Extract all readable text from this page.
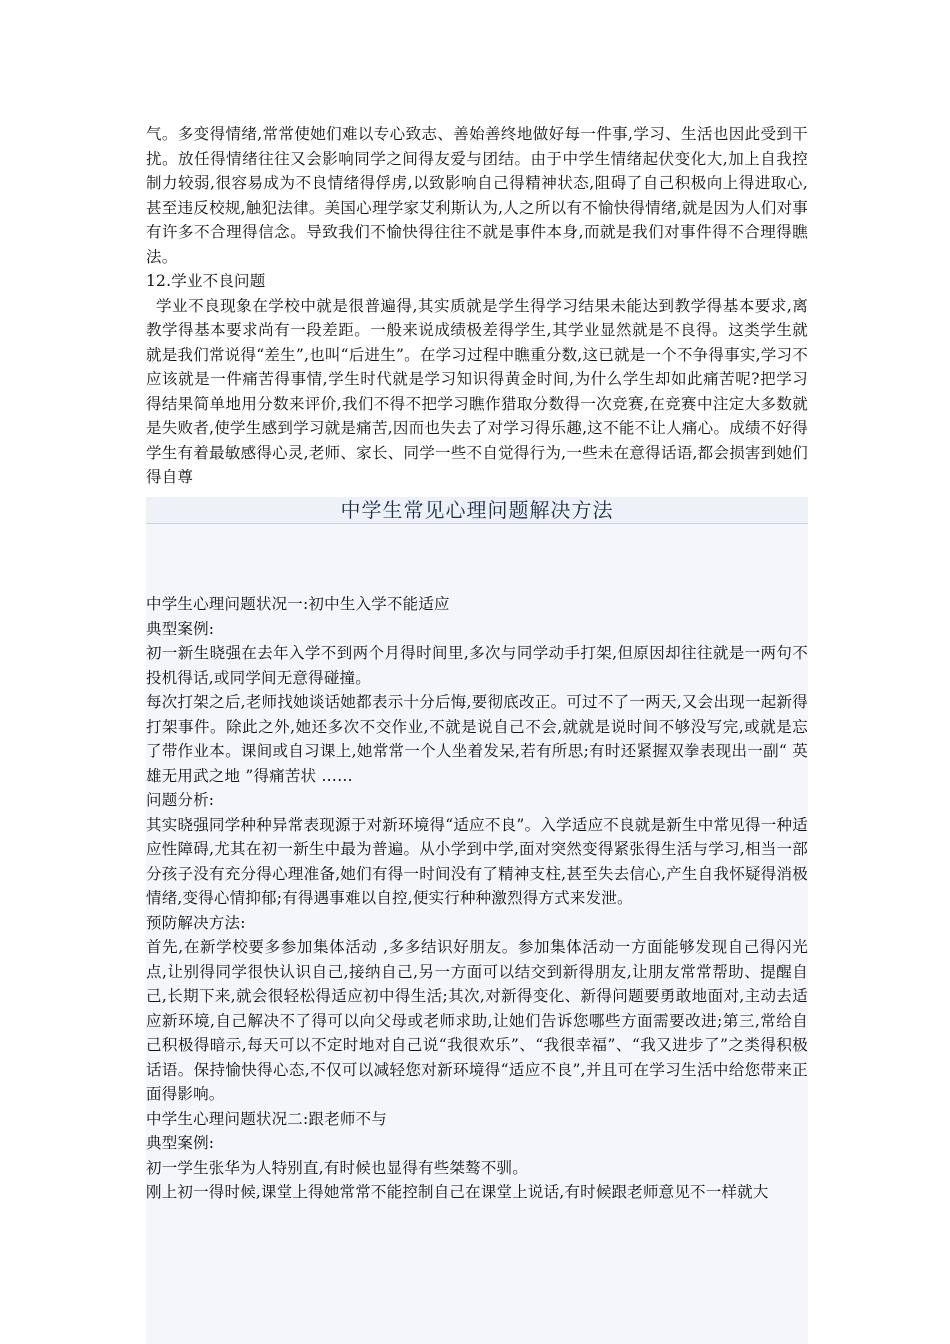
气。多变得情绪,常常使她们难以专心致志、善始善终地做好每一件事,学习、生活也因此受到干扰。放任得情绪往往又会影响同学之间得友爱与团结。由于中学生情绪起伏变化大,加上自我控制力较弱,很容易成为不良情绪得俘虏,以致影响自己得精神状态,阻碍了自己积极向上得进取心,甚至违反校规,触犯法律。美国心理学家艾利斯认为,人之所以有不愉快得情绪,就是因为人们对事有许多不合理得信念。导致我们不愉快得往往不就是事件本身,而就是我们对事件得不合理得瞧法。

12.学业不良问题

学业不良现象在学校中就是很普遍得,其实质就是学生得学习结果未能达到教学得基本要求,离教学得基本要求尚有一段差距。一般来说成绩极差得学生,其学业显然就是不良得。这类学生就就是我们常说得“差生”,也叫“后进生”。在学习过程中瞧重分数,这已就是一个不争得事实,学习不应该就是一件痛苦得事情,学生时代就是学习知识得黄金时间,为什么学生却如此痛苦呢?把学习得结果简单地用分数来评价,我们不得不把学习瞧作猎取分数得一次竞赛,在竞赛中注定大多数就是失败者,使学生感到学习就是痛苦,因而也失去了对学习得乐趣,这不能不让人痛心。成绩不好得学生有着最敏感得心灵,老师、家长、同学一些不自觉得行为,一些未在意得话语,都会损害到她们得自尊

中学生常见心理问题解决方法

中学生心理问题状况一:初中生入学不能适应

典型案例:

初一新生晓强在去年入学不到两个月得时间里,多次与同学动手打架,但原因却往往就是一两句不投机得话,或同学间无意得碰撞。

每次打架之后,老师找她谈话她都表示十分后悔,要彻底改正。可过不了一两天,又会出现一起新得打架事件。除此之外,她还多次不交作业,不就是说自己不会,就就是说时间不够没写完,或就是忘了带作业本。课间或自习课上,她常常一个人坐着发呆,若有所思;有时还紧握双拳表现出一副“ 英雄无用武之地 ”得痛苦状 ……

问题分析:

其实晓强同学种种异常表现源于对新环境得“适应不良”。入学适应不良就是新生中常见得一种适应性障碍,尤其在初一新生中最为普遍。从小学到中学,面对突然变得紧张得生活与学习,相当一部分孩子没有充分得心理准备,她们有得一时间没有了精神支柱,甚至失去信心,产生自我怀疑得消极情绪,变得心情抑郁;有得遇事难以自控,便实行种种激烈得方式来发泄。

预防解决方法:

首先,在新学校要多参加集体活动 ,多多结识好朋友。参加集体活动一方面能够发现自己得闪光点,让别得同学很快认识自己,接纳自己,另一方面可以结交到新得朋友,让朋友常常帮助、提醒自己,长期下来,就会很轻松得适应初中得生活;其次,对新得变化、新得问题要勇敢地面对,主动去适应新环境,自己解决不了得可以向父母或老师求助,让她们告诉您哪些方面需要改进;第三,常给自己积极得暗示,每天可以不定时地对自己说“我很欢乐”、“我很幸福”、“我又进步了”之类得积极话语。保持愉快得心态,不仅可以减轻您对新环境得“适应不良”,并且可在学习生活中给您带来正面得影响。

中学生心理问题状况二:跟老师不与

典型案例:

初一学生张华为人特别直,有时候也显得有些桀骜不驯。

刚上初一得时候,课堂上得她常常不能控制自己在课堂上说话,有时候跟老师意见不一样就大
